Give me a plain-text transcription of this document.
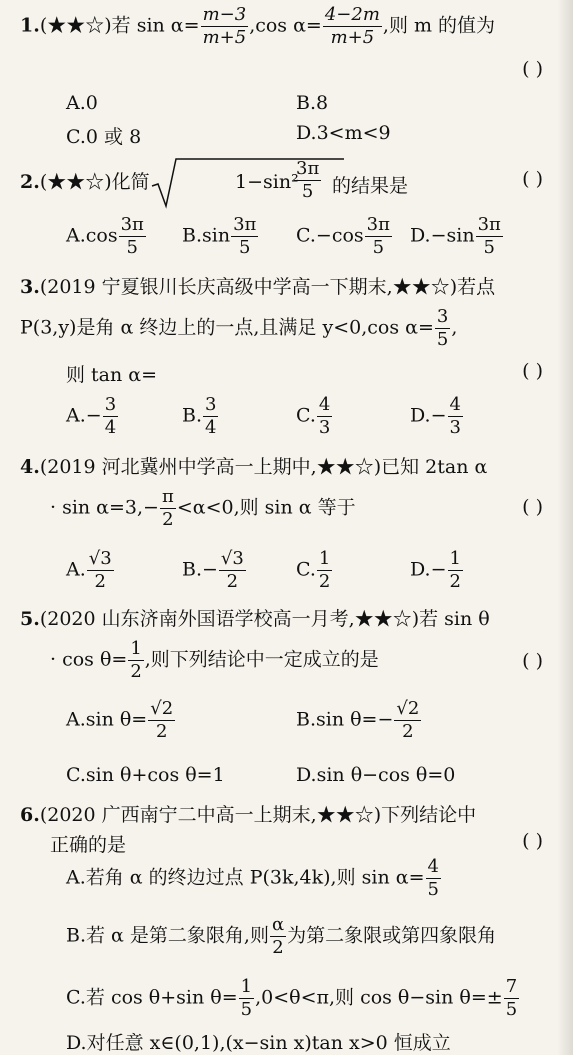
1.(★★☆)若 $\sin \alpha= \frac{m-3}{m+5} ,\cos$ $\alpha= \frac{4-2m}{m+5}$ ,则 m 的值为
( )
A.0	B.8
C.0 或 8	D.3<m<9
2.(★★☆)化简	1−sin²
$\frac{3\pi}{5}$ 的结果是	( )
$A.\cos \frac{3\pi}{5} B.\sin \frac{3\pi}{5} C.-\cos \frac{3\pi}{5} D.-\sin \frac{3\pi}{5}$
3.(2019 宁夏银川长庆高级中学高一下期末,★★☆)若点
P(3,y)是角 α 终边上的一点,且满足 y<0,cos $\alpha= \frac{3}{5}$ ,
则 tan α=	( )
$A.- \frac{3}{4}$	B. $\frac{3}{4}$	C. $\frac{4}{3}$	$D.- \frac{4}{3}$
4.(2019 河北冀州中学高一上期中,★★☆)已知 2tan α
· $\sin \alpha=3,- \frac{\pi}{2} <\alpha<0$,则 sin α 等于	( )
A. $\frac{√3}{2}$	$B.- \frac{√3}{2}$	C. $\frac{1}{2}$	$D.- \frac{1}{2}$
5.(2020 山东济南外国语学校高一月考,★★☆)若 sin θ
· $\cos \theta= \frac{1}{2}$ ,则下列结论中一定成立的是	( )
A.sin $\theta= \frac{√2}{2}$	B.sin $\theta=- \frac{√2}{2}$
C.sin θ+cos θ=1	D.sin θ−cos θ=0
6.(2020 广西南宁二中高一上期末,★★☆)下列结论中
正确的是	( )
A.若角 α 的终边过点 P(3k,4k),则 $\sin \alpha= \frac{4}{5}$
B.若 α 是第二象限角,则 $\frac{\alpha}{2}$ 为第二象限或第四象限角
C.若 cos θ+sin $\theta= \frac{1}{5} ,0<\theta<\pi$,则 cos θ−sin $\theta=\pm \frac{7}{5}$
D.对任意 x∈(0,1),(x−sin x)tan x>0 恒成立
